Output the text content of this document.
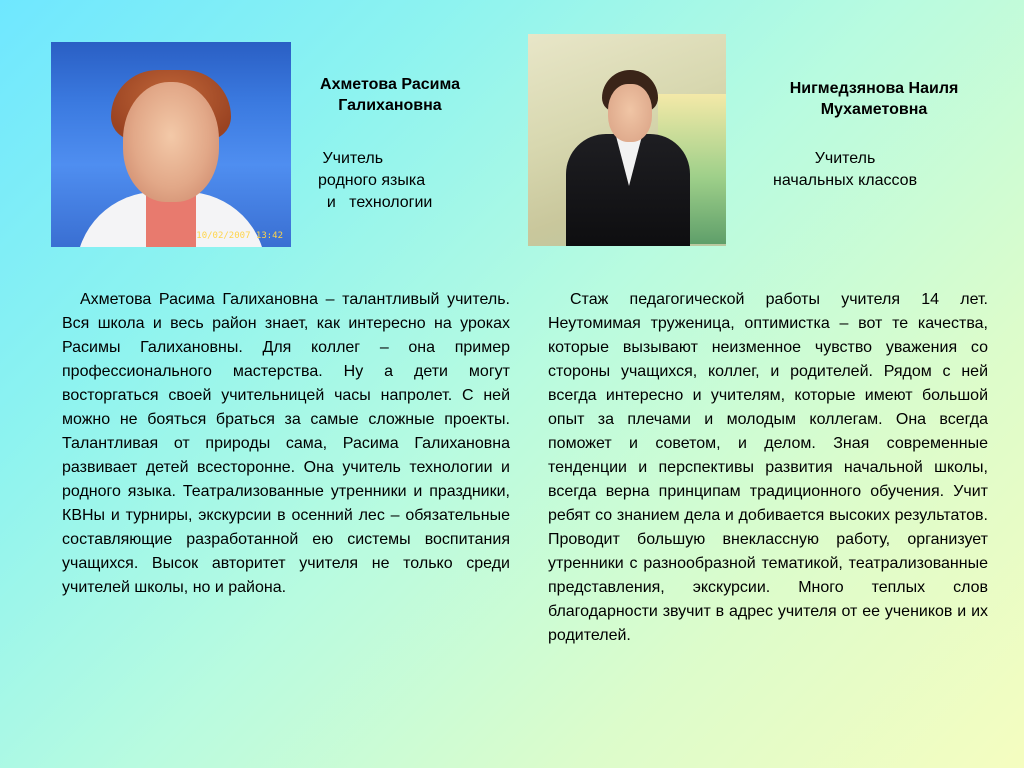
10/02/2007 13:42
Ахметова Расима
Галихановна
Учитель
родного языка
и   технологии
Нигмедзянова Наиля
Мухаметовна
Учитель
начальных классов

Ахметова Расима Галихановна – талантливый учитель. Вся школа и весь район знает, как интересно на уроках Расимы Галихановны. Для коллег – она пример профессионального мастерства. Ну а дети могут восторгаться своей учительницей часы напролет. С ней можно не бояться браться за самые сложные проекты. Талантливая от природы сама, Расима Галихановна развивает детей всесторонне. Она учитель технологии и родного языка. Театрализованные утренники и праздники, КВНы и турниры, экскурсии в осенний лес – обязательные составляющие разработанной ею системы воспитания учащихся. Высок авторитет учителя не только среди учителей школы, но и района.

Стаж педагогической работы учителя 14 лет. Неутомимая труженица, оптимистка – вот те качества, которые вызывают неизменное чувство уважения со стороны учащихся, коллег, и родителей. Рядом с ней всегда интересно и учителям, которые имеют большой опыт за плечами и молодым коллегам. Она всегда поможет и советом, и делом. Зная современные тенденции и перспективы развития начальной школы, всегда верна принципам традиционного обучения. Учит ребят со знанием дела и добивается высоких результатов. Проводит большую внеклассную работу, организует утренники с разнообразной тематикой, театрализованные представления, экскурсии. Много теплых слов благодарности звучит в адрес учителя от ее учеников и их родителей.
